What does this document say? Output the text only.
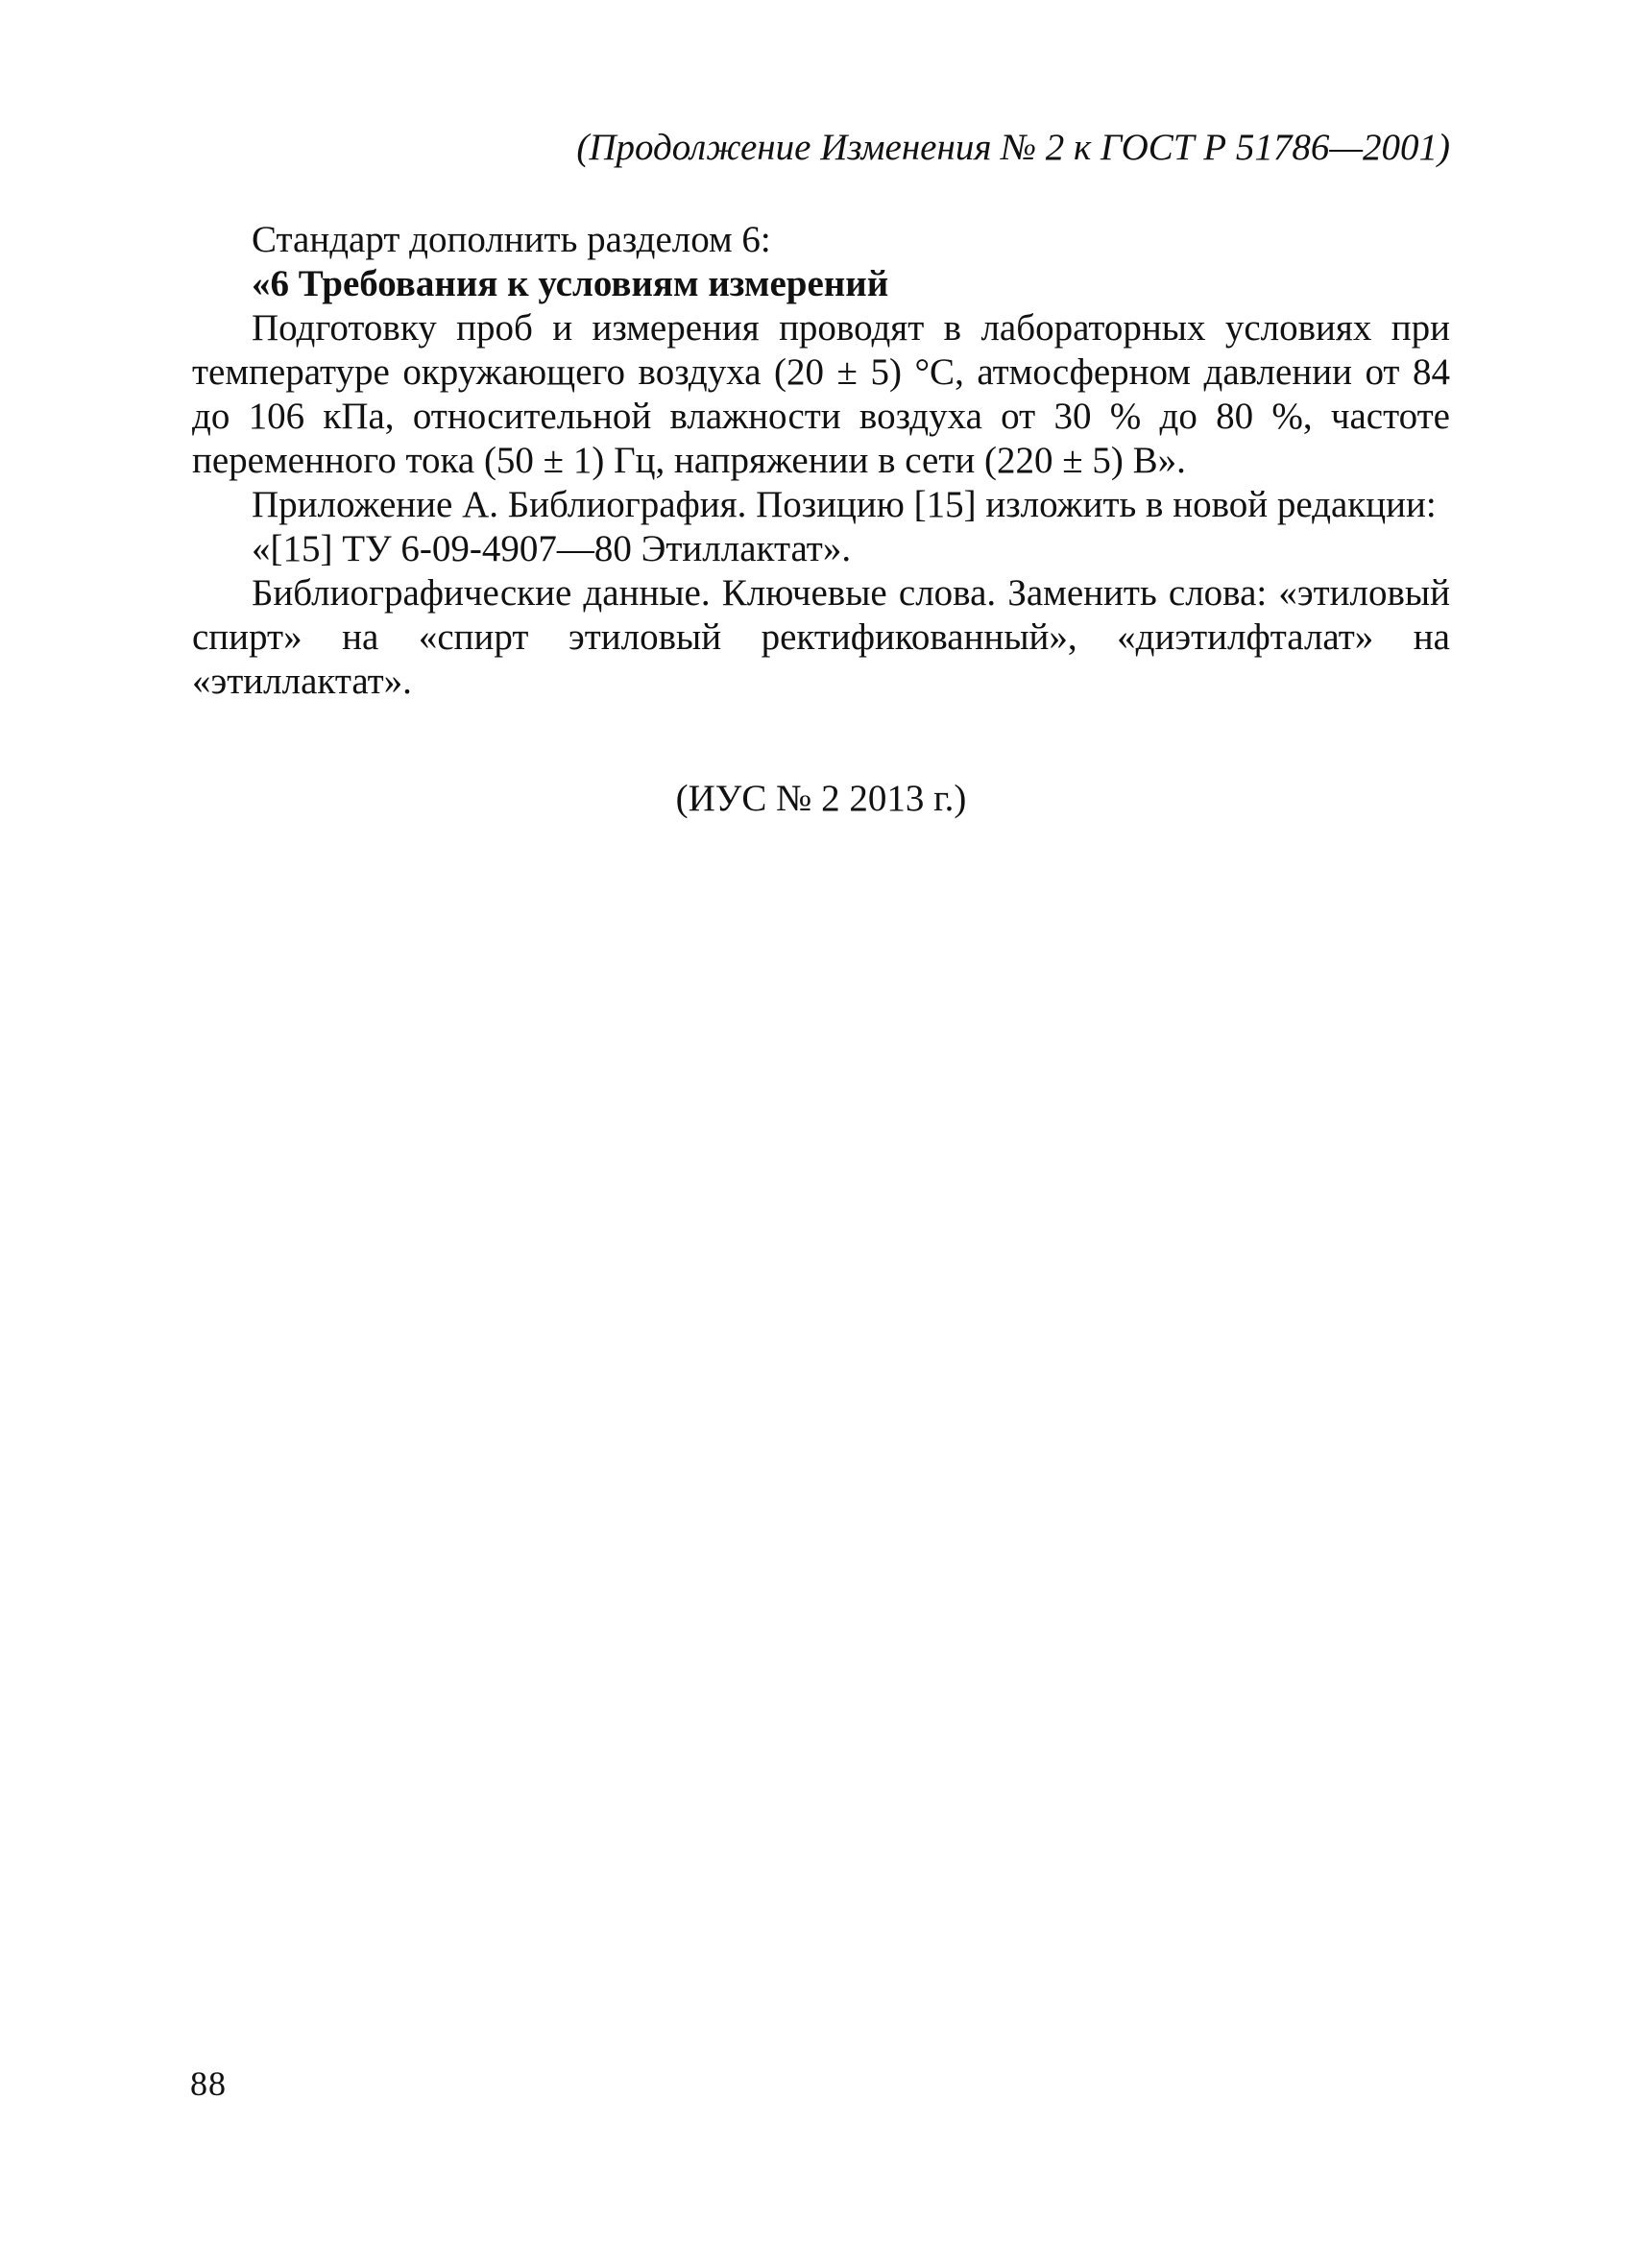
(Продолжение Изменения № 2 к ГОСТ Р 51786—2001)

Стандарт дополнить разделом 6:

«6 Требования к условиям измерений

Подготовку проб и измерения проводят в лабораторных условиях при температуре окружающего воздуха (20 ± 5) °С, атмосферном давлении от 84 до 106 кПа, относительной влажности воздуха от 30 % до 80 %, частоте переменного тока (50 ± 1) Гц, напряжении в сети (220 ± 5) В».

Приложение А. Библиография. Позицию [15] изложить в новой редакции:

«[15] ТУ 6-09-4907—80 Этиллактат».

Библиографические данные. Ключевые слова. Заменить слова: «этиловый спирт» на «спирт этиловый ректификованный», «диэтилфталат» на «этиллактат».

(ИУС № 2 2013 г.)
88
